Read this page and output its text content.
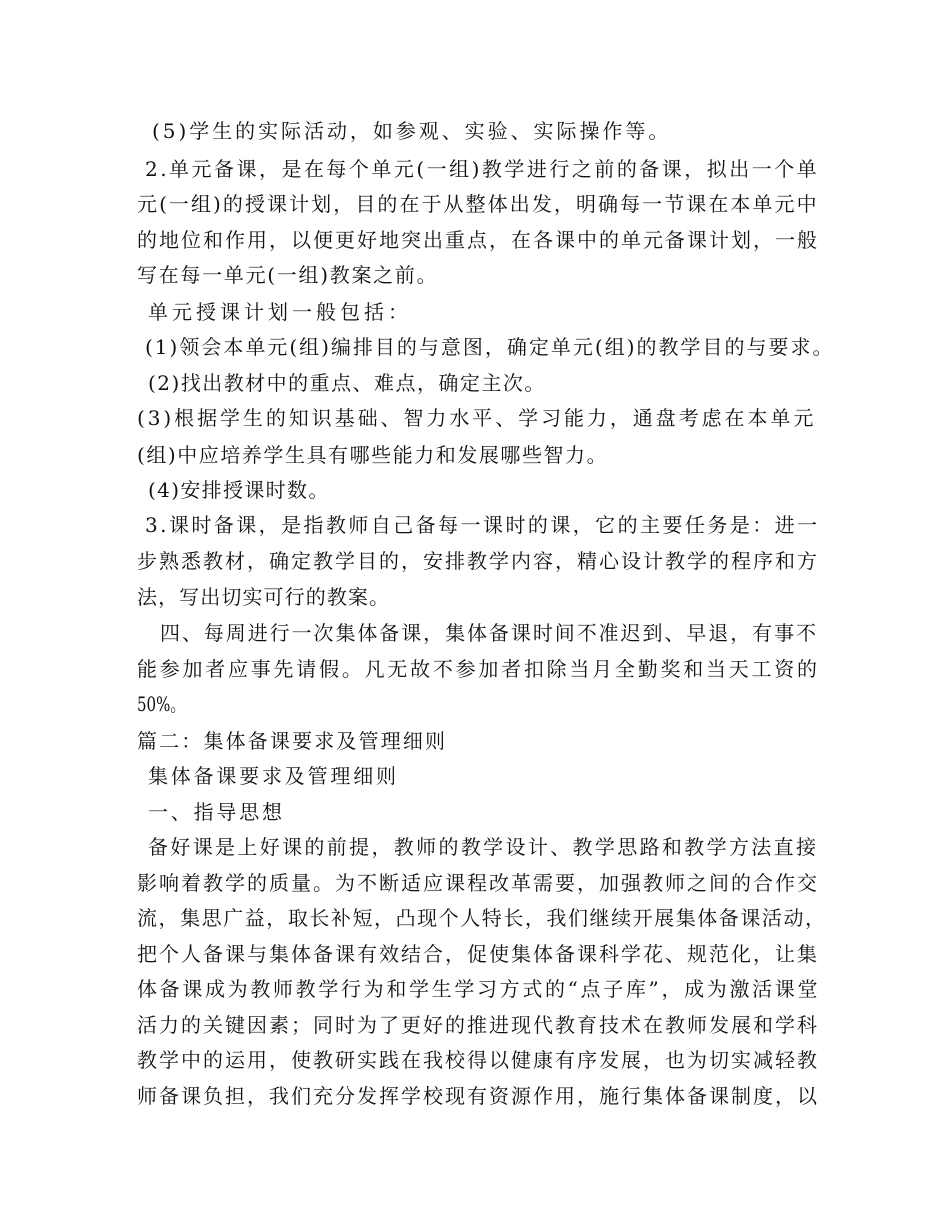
(5)学生的实际活动，如参观、实验、实际操作等。
2.单元备课，是在每个单元(一组)教学进行之前的备课，拟出一个单
元(一组)的授课计划，目的在于从整体出发，明确每一节课在本单元中
的地位和作用，以便更好地突出重点，在各课中的单元备课计划，一般
写在每一单元(一组)教案之前。
单元授课计划一般包括：
(1)领会本单元(组)编排目的与意图，确定单元(组)的教学目的与要求。
(2)找出教材中的重点、难点，确定主次。
(3)根据学生的知识基础、智力水平、学习能力，通盘考虑在本单元
(组)中应培养学生具有哪些能力和发展哪些智力。
(4)安排授课时数。
3.课时备课，是指教师自己备每一课时的课，它的主要任务是：进一
步熟悉教材，确定教学目的，安排教学内容，精心设计教学的程序和方
法，写出切实可行的教案。
四、每周进行一次集体备课，集体备课时间不准迟到、早退，有事不
能参加者应事先请假。凡无故不参加者扣除当月全勤奖和当天工资的
50%。
篇二：集体备课要求及管理细则
集体备课要求及管理细则
一、指导思想
备好课是上好课的前提，教师的教学设计、教学思路和教学方法直接
影响着教学的质量。为不断适应课程改革需要，加强教师之间的合作交
流，集思广益，取长补短，凸现个人特长，我们继续开展集体备课活动，
把个人备课与集体备课有效结合，促使集体备课科学花、规范化，让集
体备课成为教师教学行为和学生学习方式的“点子库”，成为激活课堂
活力的关键因素；同时为了更好的推进现代教育技术在教师发展和学科
教学中的运用，使教研实践在我校得以健康有序发展，也为切实减轻教
师备课负担，我们充分发挥学校现有资源作用，施行集体备课制度，以
